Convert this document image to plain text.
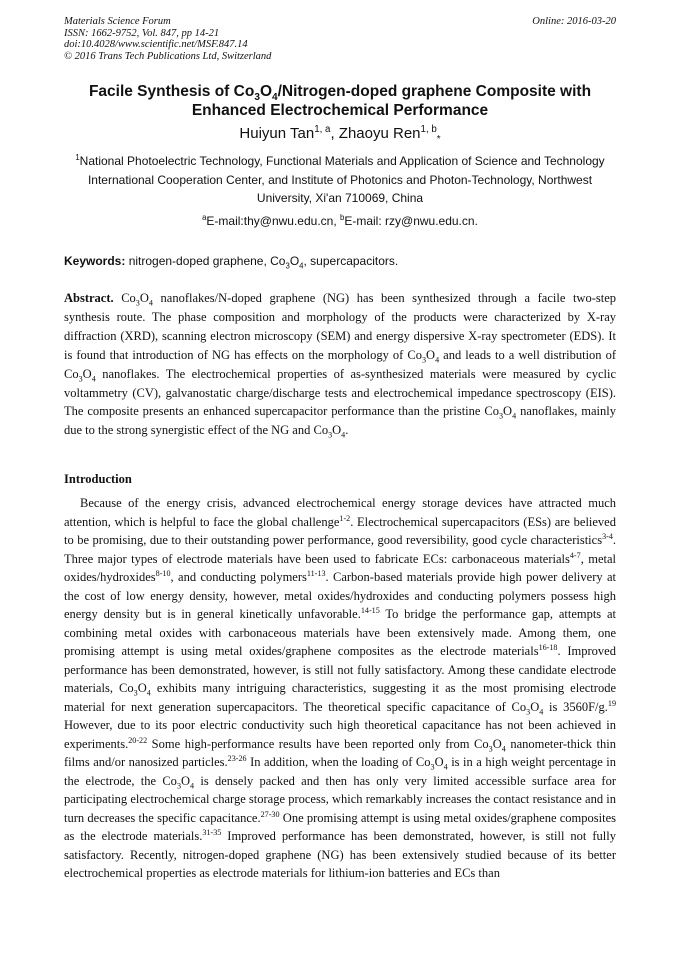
Materials Science Forum
ISSN: 1662-9752, Vol. 847, pp 14-21
doi:10.4028/www.scientific.net/MSF.847.14
© 2016 Trans Tech Publications Ltd, Switzerland
Online: 2016-03-20
Facile Synthesis of $Co_3O_4/Nitrogen$-doped graphene Composite with Enhanced Electrochemical Performance
Huiyun Tan$^{1, a}$, Zhaoyu Ren$^{1, b}_*$
$^1$National Photoelectric Technology, Functional Materials and Application of Science and Technology International Cooperation Center, and Institute of Photonics and Photon-Technology, Northwest University, Xi'an 710069, China
$^a$E-mail:thy@nwu.edu.cn, $^b$E-mail: rzy@nwu.edu.cn.
Keywords: nitrogen-doped graphene, $Co_3O_4$, supercapacitors.
Abstract. $Co_3O_4$ nanoflakes/N-doped graphene (NG) has been synthesized through a facile two-step synthesis route. The phase composition and morphology of the products were characterized by X-ray diffraction (XRD), scanning electron microscopy (SEM) and energy dispersive X-ray spectrometer (EDS). It is found that introduction of NG has effects on the morphology of $Co_3O_4$ and leads to a well distribution of $Co_3O_4$ nanoflakes. The electrochemical properties of as-synthesized materials were measured by cyclic voltammetry (CV), galvanostatic charge/discharge tests and electrochemical impedance spectroscopy (EIS). The composite presents an enhanced supercapacitor performance than the pristine $Co_3O_4$ nanoflakes, mainly due to the strong synergistic effect of the NG and $Co_3O_4$.
Introduction
Because of the energy crisis, advanced electrochemical energy storage devices have attracted much attention, which is helpful to face the global challenge$^{1-2}$. Electrochemical supercapacitors (ESs) are believed to be promising, due to their outstanding power performance, good reversibility, good cycle characteristics$^{3-4}$. Three major types of electrode materials have been used to fabricate ECs: carbonaceous materials$^{4-7}$, metal oxides/hydroxides$^{8-10}$, and conducting polymers$^{11-13}$. Carbon-based materials provide high power delivery at the cost of low energy density, however, metal oxides/hydroxides and conducting polymers possess high energy density but is in general kinetically unfavorable.$^{14-15}$ To bridge the performance gap, attempts at combining metal oxides with carbonaceous materials have been extensively made. Among them, one promising attempt is using metal oxides/graphene composites as the electrode materials$^{16-18}$. Improved performance has been demonstrated, however, is still not fully satisfactory. Among these candidate electrode materials, $Co_3O_4$ exhibits many intriguing characteristics, suggesting it as the most promising electrode material for next generation supercapacitors. The theoretical specific capacitance of $Co_3O_4$ is 3560F/g.$^{19}$ However, due to its poor electric conductivity such high theoretical capacitance has not been achieved in experiments.$^{20-22}$ Some high-performance results have been reported only from $Co_3O_4$ nanometer-thick thin films and/or nanosized particles.$^{23-26}$ In addition, when the loading of $Co_3O_4$ is in a high weight percentage in the electrode, the $Co_3O_4$ is densely packed and then has only very limited accessible surface area for participating electrochemical charge storage process, which remarkably increases the contact resistance and in turn decreases the specific capacitance.$^{27-30}$ One promising attempt is using metal oxides/graphene composites as the electrode materials.$^{31-35}$ Improved performance has been demonstrated, however, is still not fully satisfactory. Recently, nitrogen-doped graphene (NG) has been extensively studied because of its better electrochemical properties as electrode materials for lithium-ion batteries and ECs than
